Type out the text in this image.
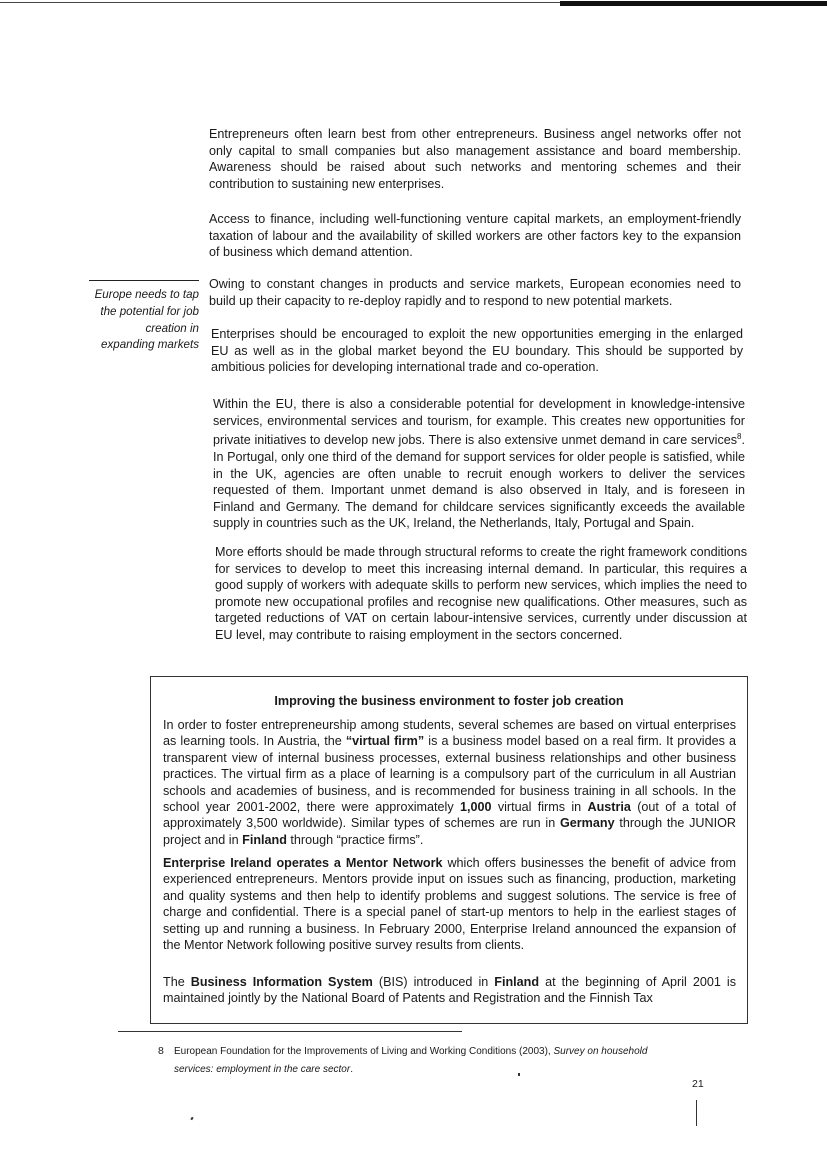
Entrepreneurs often learn best from other entrepreneurs. Business angel networks offer not only capital to small companies but also management assistance and board membership. Awareness should be raised about such networks and mentoring schemes and their contribution to sustaining new enterprises.

Access to finance, including well-functioning venture capital markets, an employment-friendly taxation of labour and the availability of skilled workers are other factors key to the expansion of business which demand attention.

Europe needs to tap the potential for job creation in expanding markets

Owing to constant changes in products and service markets, European economies need to build up their capacity to re-deploy rapidly and to respond to new potential markets.

Enterprises should be encouraged to exploit the new opportunities emerging in the enlarged EU as well as in the global market beyond the EU boundary. This should be supported by ambitious policies for developing international trade and co-operation.

Within the EU, there is also a considerable potential for development in knowledge-intensive services, environmental services and tourism, for example. This creates new opportunities for private initiatives to develop new jobs. There is also extensive unmet demand in care services$^8$. In Portugal, only one third of the demand for support services for older people is satisfied, while in the UK, agencies are often unable to recruit enough workers to deliver the services requested of them. Important unmet demand is also observed in Italy, and is foreseen in Finland and Germany. The demand for childcare services significantly exceeds the available supply in countries such as the UK, Ireland, the Netherlands, Italy, Portugal and Spain.

More efforts should be made through structural reforms to create the right framework conditions for services to develop to meet this increasing internal demand. In particular, this requires a good supply of workers with adequate skills to perform new services, which implies the need to promote new occupational profiles and recognise new qualifications. Other measures, such as targeted reductions of VAT on certain labour-intensive services, currently under discussion at EU level, may contribute to raising employment in the sectors concerned.

Improving the business environment to foster job creation

In order to foster entrepreneurship among students, several schemes are based on virtual enterprises as learning tools. In Austria, the “virtual firm” is a business model based on a real firm. It provides a transparent view of internal business processes, external business relationships and other business practices. The virtual firm as a place of learning is a compulsory part of the curriculum in all Austrian schools and academies of business, and is recommended for business training in all schools. In the school year 2001-2002, there were approximately 1,000 virtual firms in Austria (out of a total of approximately 3,500 worldwide). Similar types of schemes are run in Germany through the JUNIOR project and in Finland through “practice firms”.

Enterprise Ireland operates a Mentor Network which offers businesses the benefit of advice from experienced entrepreneurs. Mentors provide input on issues such as financing, production, marketing and quality systems and then help to identify problems and suggest solutions. The service is free of charge and confidential. There is a special panel of start-up mentors to help in the earliest stages of setting up and running a business. In February 2000, Enterprise Ireland announced the expansion of the Mentor Network following positive survey results from clients.

The Business Information System (BIS) introduced in Finland at the beginning of April 2001 is maintained jointly by the National Board of Patents and Registration and the Finnish Tax

8 European Foundation for the Improvements of Living and Working Conditions (2003), Survey on household
services: employment in the care sector.
21
